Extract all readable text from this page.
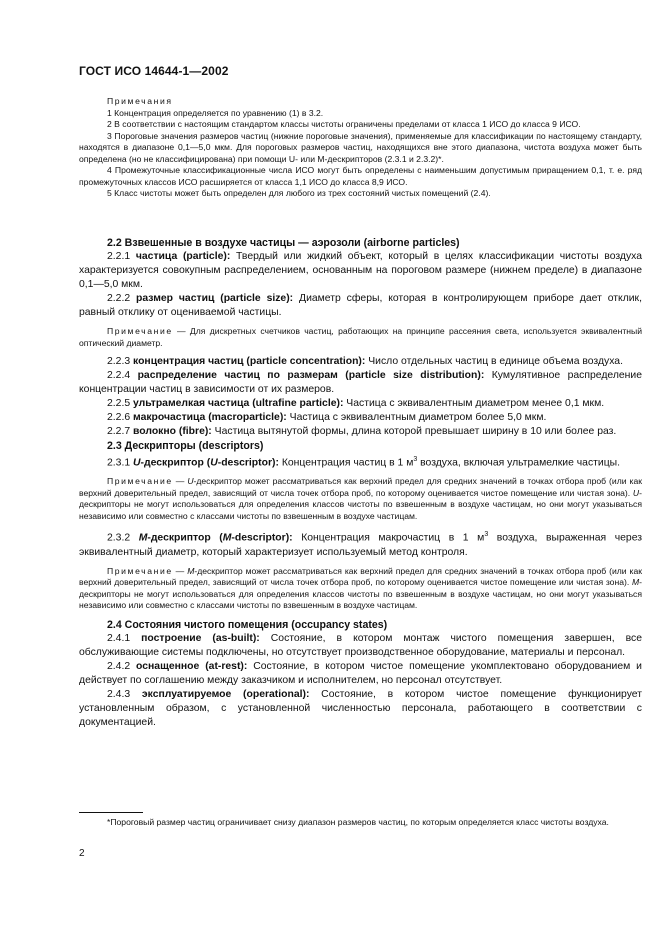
ГОСТ ИСО 14644-1—2002

Примечания

1 Концентрация определяется по уравнению (1) в 3.2.

2 В соответствии с настоящим стандартом классы чистоты ограничены пределами от класса 1 ИСО до класса 9 ИСО.

3 Пороговые значения размеров частиц (нижние пороговые значения), применяемые для классификации по настоящему стандарту, находятся в диапазоне 0,1—5,0 мкм. Для пороговых размеров частиц, находящихся вне этого диапазона, чистота воздуха может быть определена (но не классифицирована) при помощи U- или M-дескрипторов (2.3.1 и 2.3.2)*.

4 Промежуточные классификационные числа ИСО могут быть определены с наименьшим допустимым приращением 0,1, т. е. ряд промежуточных классов ИСО расширяется от класса 1,1 ИСО до класса 8,9 ИСО.

5 Класс чистоты может быть определен для любого из трех состояний чистых помещений (2.4).

2.2 Взвешенные в воздухе частицы — аэрозоли (airborne particles)

2.2.1 частица (particle): Твердый или жидкий объект, который в целях классификации чистоты воздуха характеризуется совокупным распределением, основанным на пороговом размере (нижнем пределе) в диапазоне 0,1—5,0 мкм.

2.2.2 размер частиц (particle size): Диаметр сферы, которая в контролирующем приборе дает отклик, равный отклику от оцениваемой частицы.

Примечание — Для дискретных счетчиков частиц, работающих на принципе рассеяния света, используется эквивалентный оптический диаметр.

2.2.3 концентрация частиц (particle concentration): Число отдельных частиц в единице объема воздуха.

2.2.4 распределение частиц по размерам (particle size distribution): Кумулятивное распределение концентрации частиц в зависимости от их размеров.

2.2.5 ультрамелкая частица (ultrafine particle): Частица с эквивалентным диаметром менее 0,1 мкм.

2.2.6 макрочастица (macroparticle): Частица с эквивалентным диаметром более 5,0 мкм.

2.2.7 волокно (fibre): Частица вытянутой формы, длина которой превышает ширину в 10 или более раз.

2.3 Дескрипторы (descriptors)

2.3.1 U-дескриптор (U-descriptor): Концентрация частиц в 1 $м^3$ воздуха, включая ультрамелкие частицы.

Примечание — U-дескриптор может рассматриваться как верхний предел для средних значений в точках отбора проб (или как верхний доверительный предел, зависящий от числа точек отбора проб, по которому оценивается чистое помещение или чистая зона). U-дескрипторы не могут использоваться для определения классов чистоты по взвешенным в воздухе частицам, но они могут указываться независимо или совместно с классами чистоты по взвешенным в воздухе частицам.

2.3.2 M-дескриптор (M-descriptor): Концентрация макрочастиц в 1 $м^3$ воздуха, выраженная через эквивалентный диаметр, который характеризует используемый метод контроля.

Примечание — M-дескриптор может рассматриваться как верхний предел для средних значений в точках отбора проб (или как верхний доверительный предел, зависящий от числа точек отбора проб, по которому оценивается чистое помещение или чистая зона). M-дескрипторы не могут использоваться для определения классов чистоты по взвешенным в воздухе частицам, но они могут указываться независимо или совместно с классами чистоты по взвешенным в воздухе частицам.

2.4 Состояния чистого помещения (occupancy states)

2.4.1 построение (as-built): Состояние, в котором монтаж чистого помещения завершен, все обслуживающие системы подключены, но отсутствует производственное оборудование, материалы и персонал.

2.4.2 оснащенное (at-rest): Состояние, в котором чистое помещение укомплектовано оборудованием и действует по соглашению между заказчиком и исполнителем, но персонал отсутствует.

2.4.3 эксплуатируемое (operational): Состояние, в котором чистое помещение функционирует установленным образом, с установленной численностью персонала, работающего в соответствии с документацией.

*Пороговый размер частиц ограничивает снизу диапазон размеров частиц, по которым определяется класс чистоты воздуха.
2
